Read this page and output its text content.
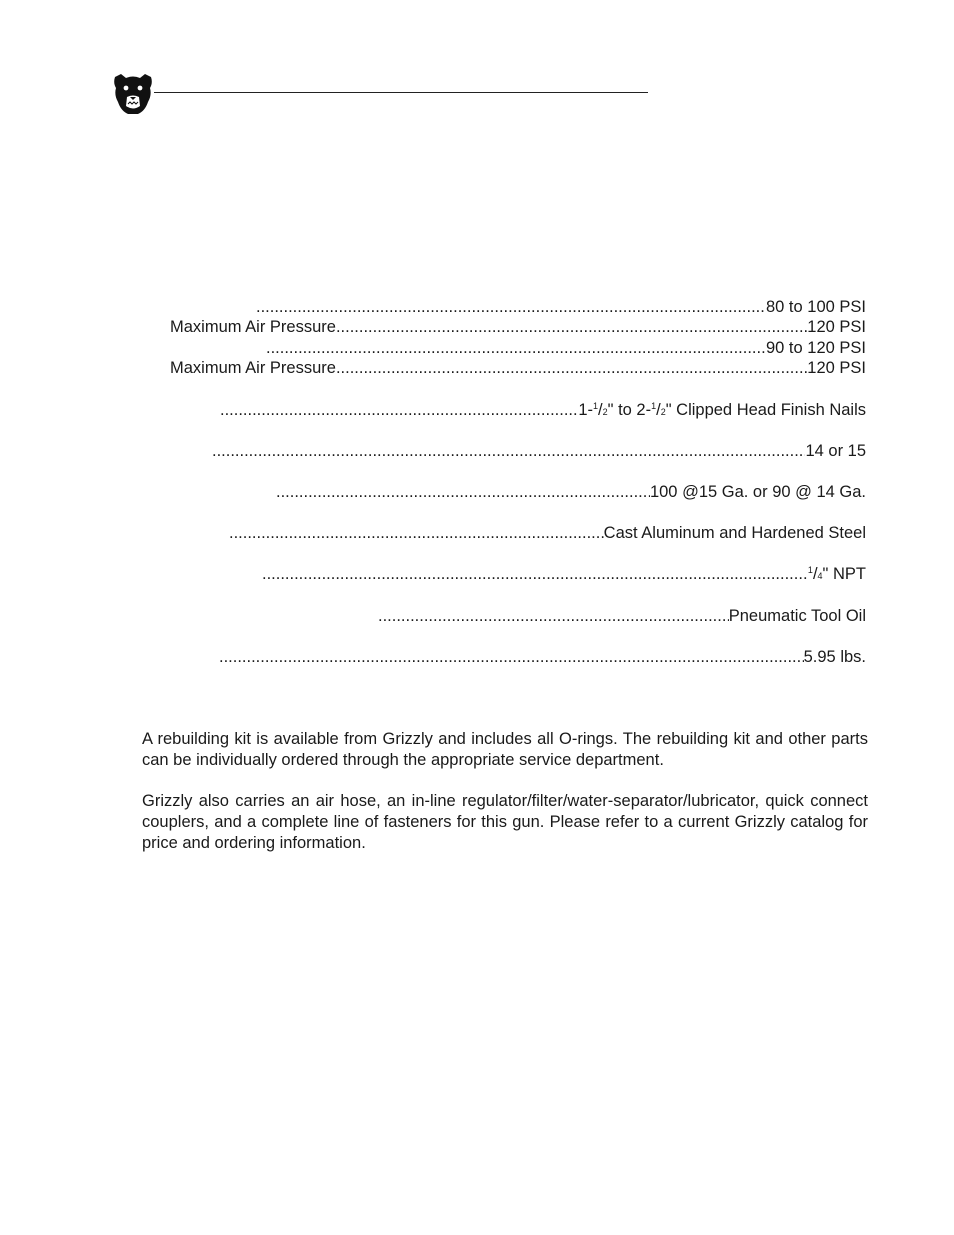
.....
80 to 100 PSI
Maximum Air Pressure .....	120 PSI
.....
90 to 120 PSI
Maximum Air Pressure .....	120 PSI
.....
1-$^1$/2" to 2-$^1$/2" Clipped Head Finish Nails
.....
14 or 15
.....
100 @15 Ga. or 90 @ 14 Ga.
.....
Cast Aluminum and Hardened Steel
.....
$^1$/4" NPT
.....
Pneumatic Tool Oil
.....
5.95 lbs.

A rebuilding kit is available from Grizzly and includes all O-rings. The rebuilding kit and other parts can be individually ordered through the appropriate service department.

Grizzly also carries an air hose, an in-line regulator/filter/water-separator/lubricator, quick connect couplers, and a complete line of fasteners for this gun. Please refer to a current Grizzly catalog for price and ordering information.
